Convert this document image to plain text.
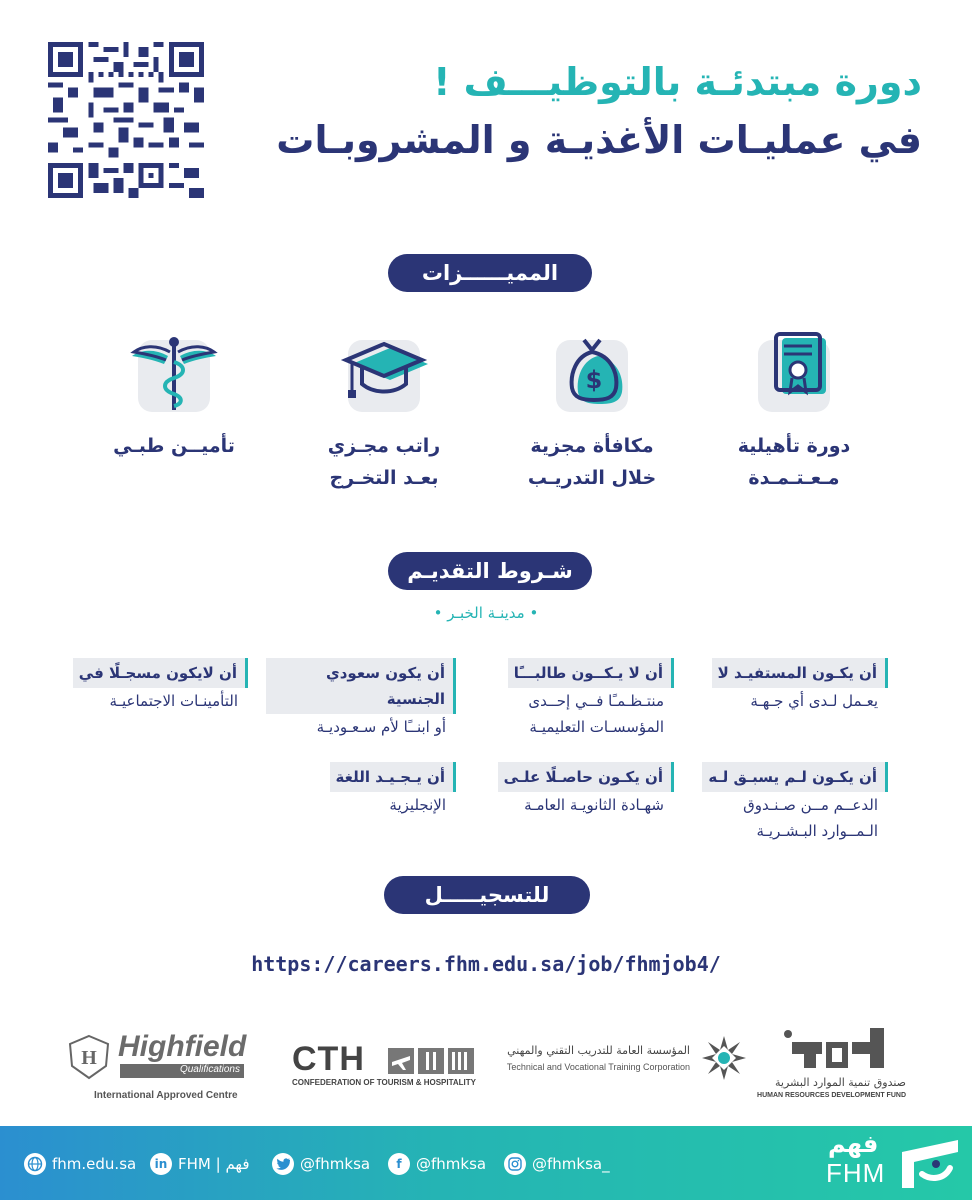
دورة مبتدئـة بالتوظيـــف !
في عمليـات الأغذيـة و المشروبـات
المميــــــزات
دورة تأهيلية
مـعـتـمـدة
$
مكافأة مجزية
خلال التدريـب
راتب مجـزي
بعـد التخـرج
تأميــن طبـي
شـروط التقديـم
• مدينـة الخبـر •
أن يكـون المستفيـد لا
يعـمل لـدى أي جـهـة
أن لا يـكــون طالبـــًا
منتـظـمـًا فــي إحــدى
المؤسسـات التعليميـة
أن يكون سعودي الجنسية
أو ابنــًا لأم سـعـوديـة
أن لايكون مسجـلًا في
التأمينـات الاجتماعيـة
أن يكـون لـم يسبـق لـه
الدعــم مــن صـنـدوق
الـمــوارد البـشـريـة
أن يكـون حاصـلًا علـى
شهـادة الثانويـة العامـة
أن يـجـيـد اللغة
الإنجليزية
للتسجيـــــل
https://careers.fhm.edu.sa/job/fhmjob4/
H Highfield
Qualifications
International Approved Centre
CTH
CONFEDERATION OF TOURISM & HOSPITALITY
المؤسسة العامة للتدريب التقني والمهني
Technical and Vocational Training Corporation
صندوق تنمية الموارد البشرية
HUMAN RESOURCES DEVELOPMENT FUND
fhm.edu.sa	in FHM | فهم	@fhmksa	f @fhmksa	@fhmksa_
فهم
FHM
